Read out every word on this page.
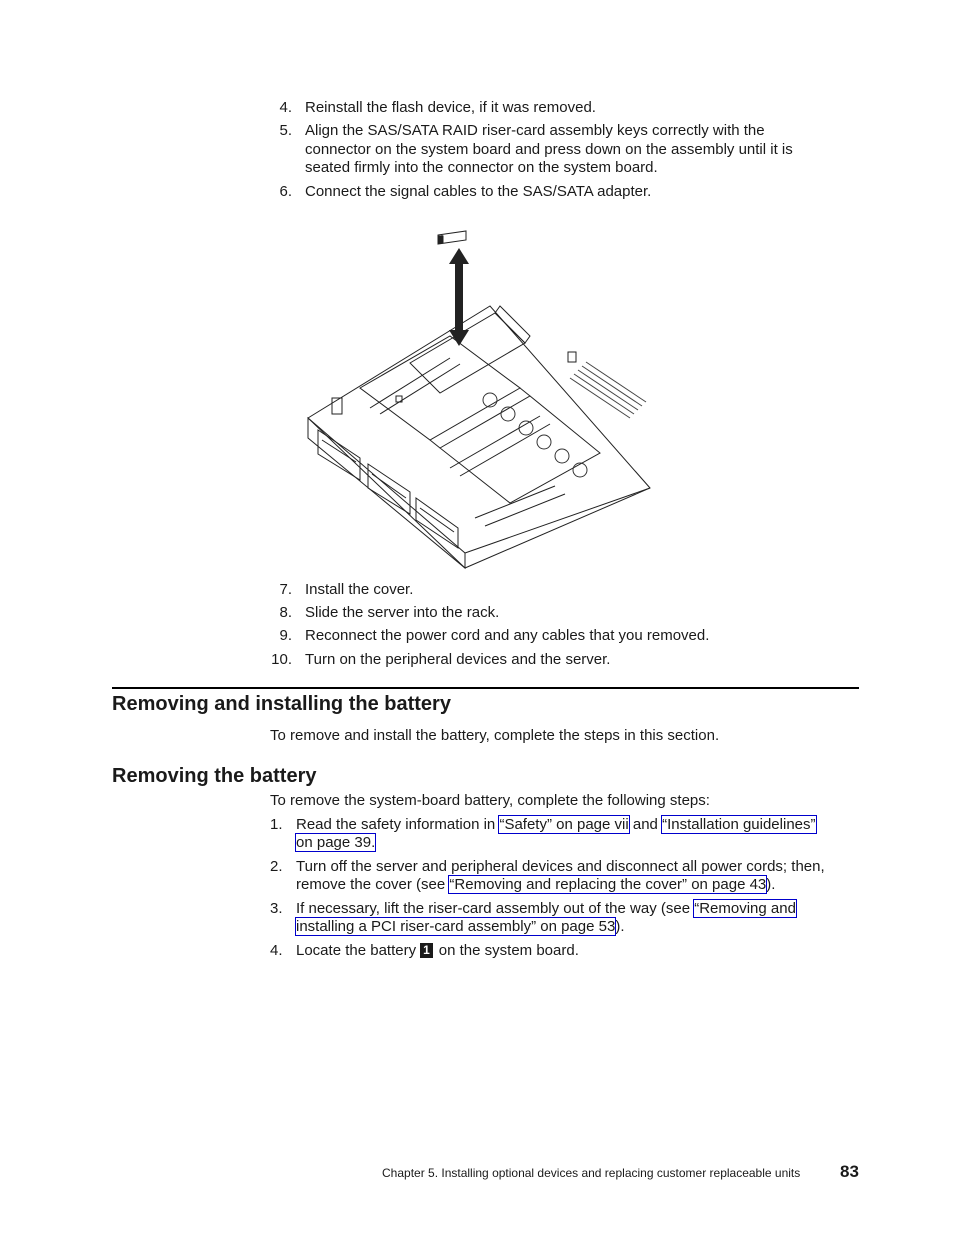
4. Reinstall the flash device, if it was removed.
5. Align the SAS/SATA RAID riser-card assembly keys correctly with the
connector on the system board and press down on the assembly until it is
seated firmly into the connector on the system board.
6. Connect the signal cables to the SAS/SATA adapter.
7. Install the cover.
8. Slide the server into the rack.
9. Reconnect the power cord and any cables that you removed.
10. Turn on the peripheral devices and the server.
Removing and installing the battery
To remove and install the battery, complete the steps in this section.
Removing the battery
To remove the system-board battery, complete the following steps:
1. Read the safety information in “Safety” on page vii and “Installation guidelines”
on page 39.
2. Turn off the server and peripheral devices and disconnect all power cords; then,
remove the cover (see “Removing and replacing the cover” on page 43).
3. If necessary, lift the riser-card assembly out of the way (see “Removing and
installing a PCI riser-card assembly” on page 53).
4. Locate the battery 1 on the system board.
Chapter 5. Installing optional devices and replacing customer replaceable units 83
